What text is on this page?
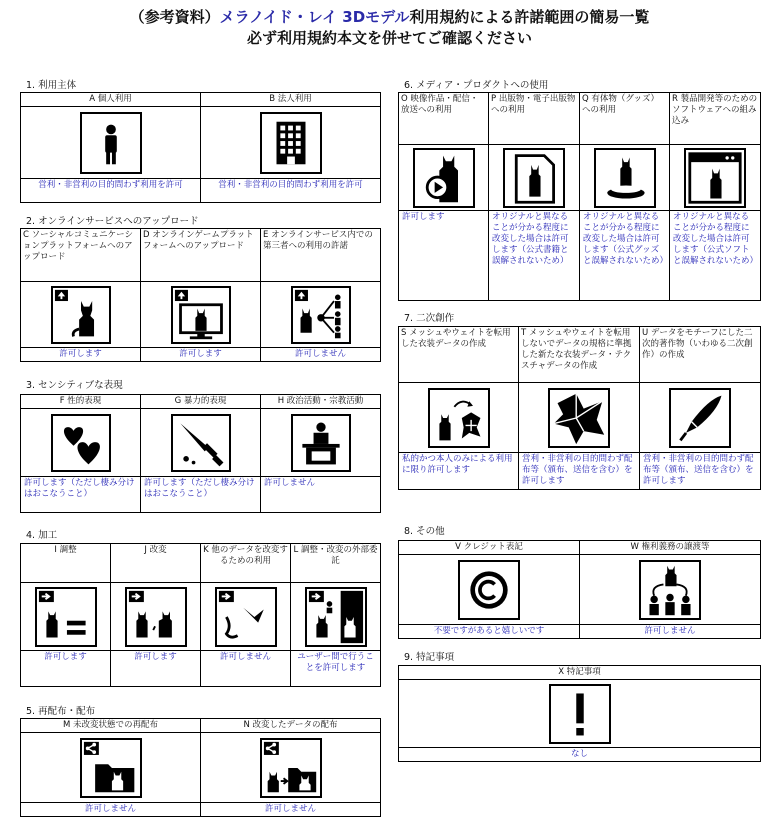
（参考資料）メラノイド・レイ 3Dモデル利用規約による許諾範囲の簡易一覧
必ず利用規約本文を併せてご確認ください
1. 利用主体
A 個人利用	B 法人利用

営利・非営利の目的問わず利用を許可	営利・非営利の目的問わず利用を許可
2. オンラインサービスへのアップロード
C ソーシャルコミュニケーションプラットフォームへのアップロード	D オンラインゲームプラットフォームへのアップロード	E オンラインサービス内での第三者への利用の許諾

許可します	許可します	許可しません
3. センシティブな表現
F 性的表現	G 暴力的表現	H 政治活動・宗教活動

許可します（ただし棲み分けはおこなうこと）	許可します（ただし棲み分けはおこなうこと）	許可しません
4. 加工
I 調整	J 改変	K 他のデータを改変するための利用	L 調整・改変の外部委託

許可します	許可します	許可しません	ユーザー間で行うことを許可します
5. 再配布・配布
M 未改変状態での再配布	N 改変したデータの配布

許可しません	許可しません
6. メディア・プロダクトへの使用
O 映像作品・配信・放送への利用	P 出版物・電子出版物への利用	Q 有体物（グッズ）への利用	R 製品開発等のためのソフトウェアへの組み込み

許可します	オリジナルと異なることが分かる程度に改変した場合は許可します（公式書籍と誤解されないため）	オリジナルと異なることが分かる程度に改変した場合は許可します（公式グッズと誤解されないため）	オリジナルと異なることが分かる程度に改変した場合は許可します（公式ソフトと誤解されないため）
7. 二次創作
S メッシュやウェイトを転用した衣装データの作成	T メッシュやウェイトを転用しないでデータの規格に準拠した新たな衣装データ・テクスチャデータの作成	U データをモチーフにした二次的著作物（いわゆる二次創作）の作成

私的かつ本人のみによる利用に限り許可します	営利・非営利の目的問わず配布等（頒布、送信を含む）を許可します	営利・非営利の目的問わず配布等（頒布、送信を含む）を許可します
8. その他
V クレジット表記	W 権利義務の譲渡等

不要ですがあると嬉しいです	許可しません
9. 特記事項
X 特記事項

なし
